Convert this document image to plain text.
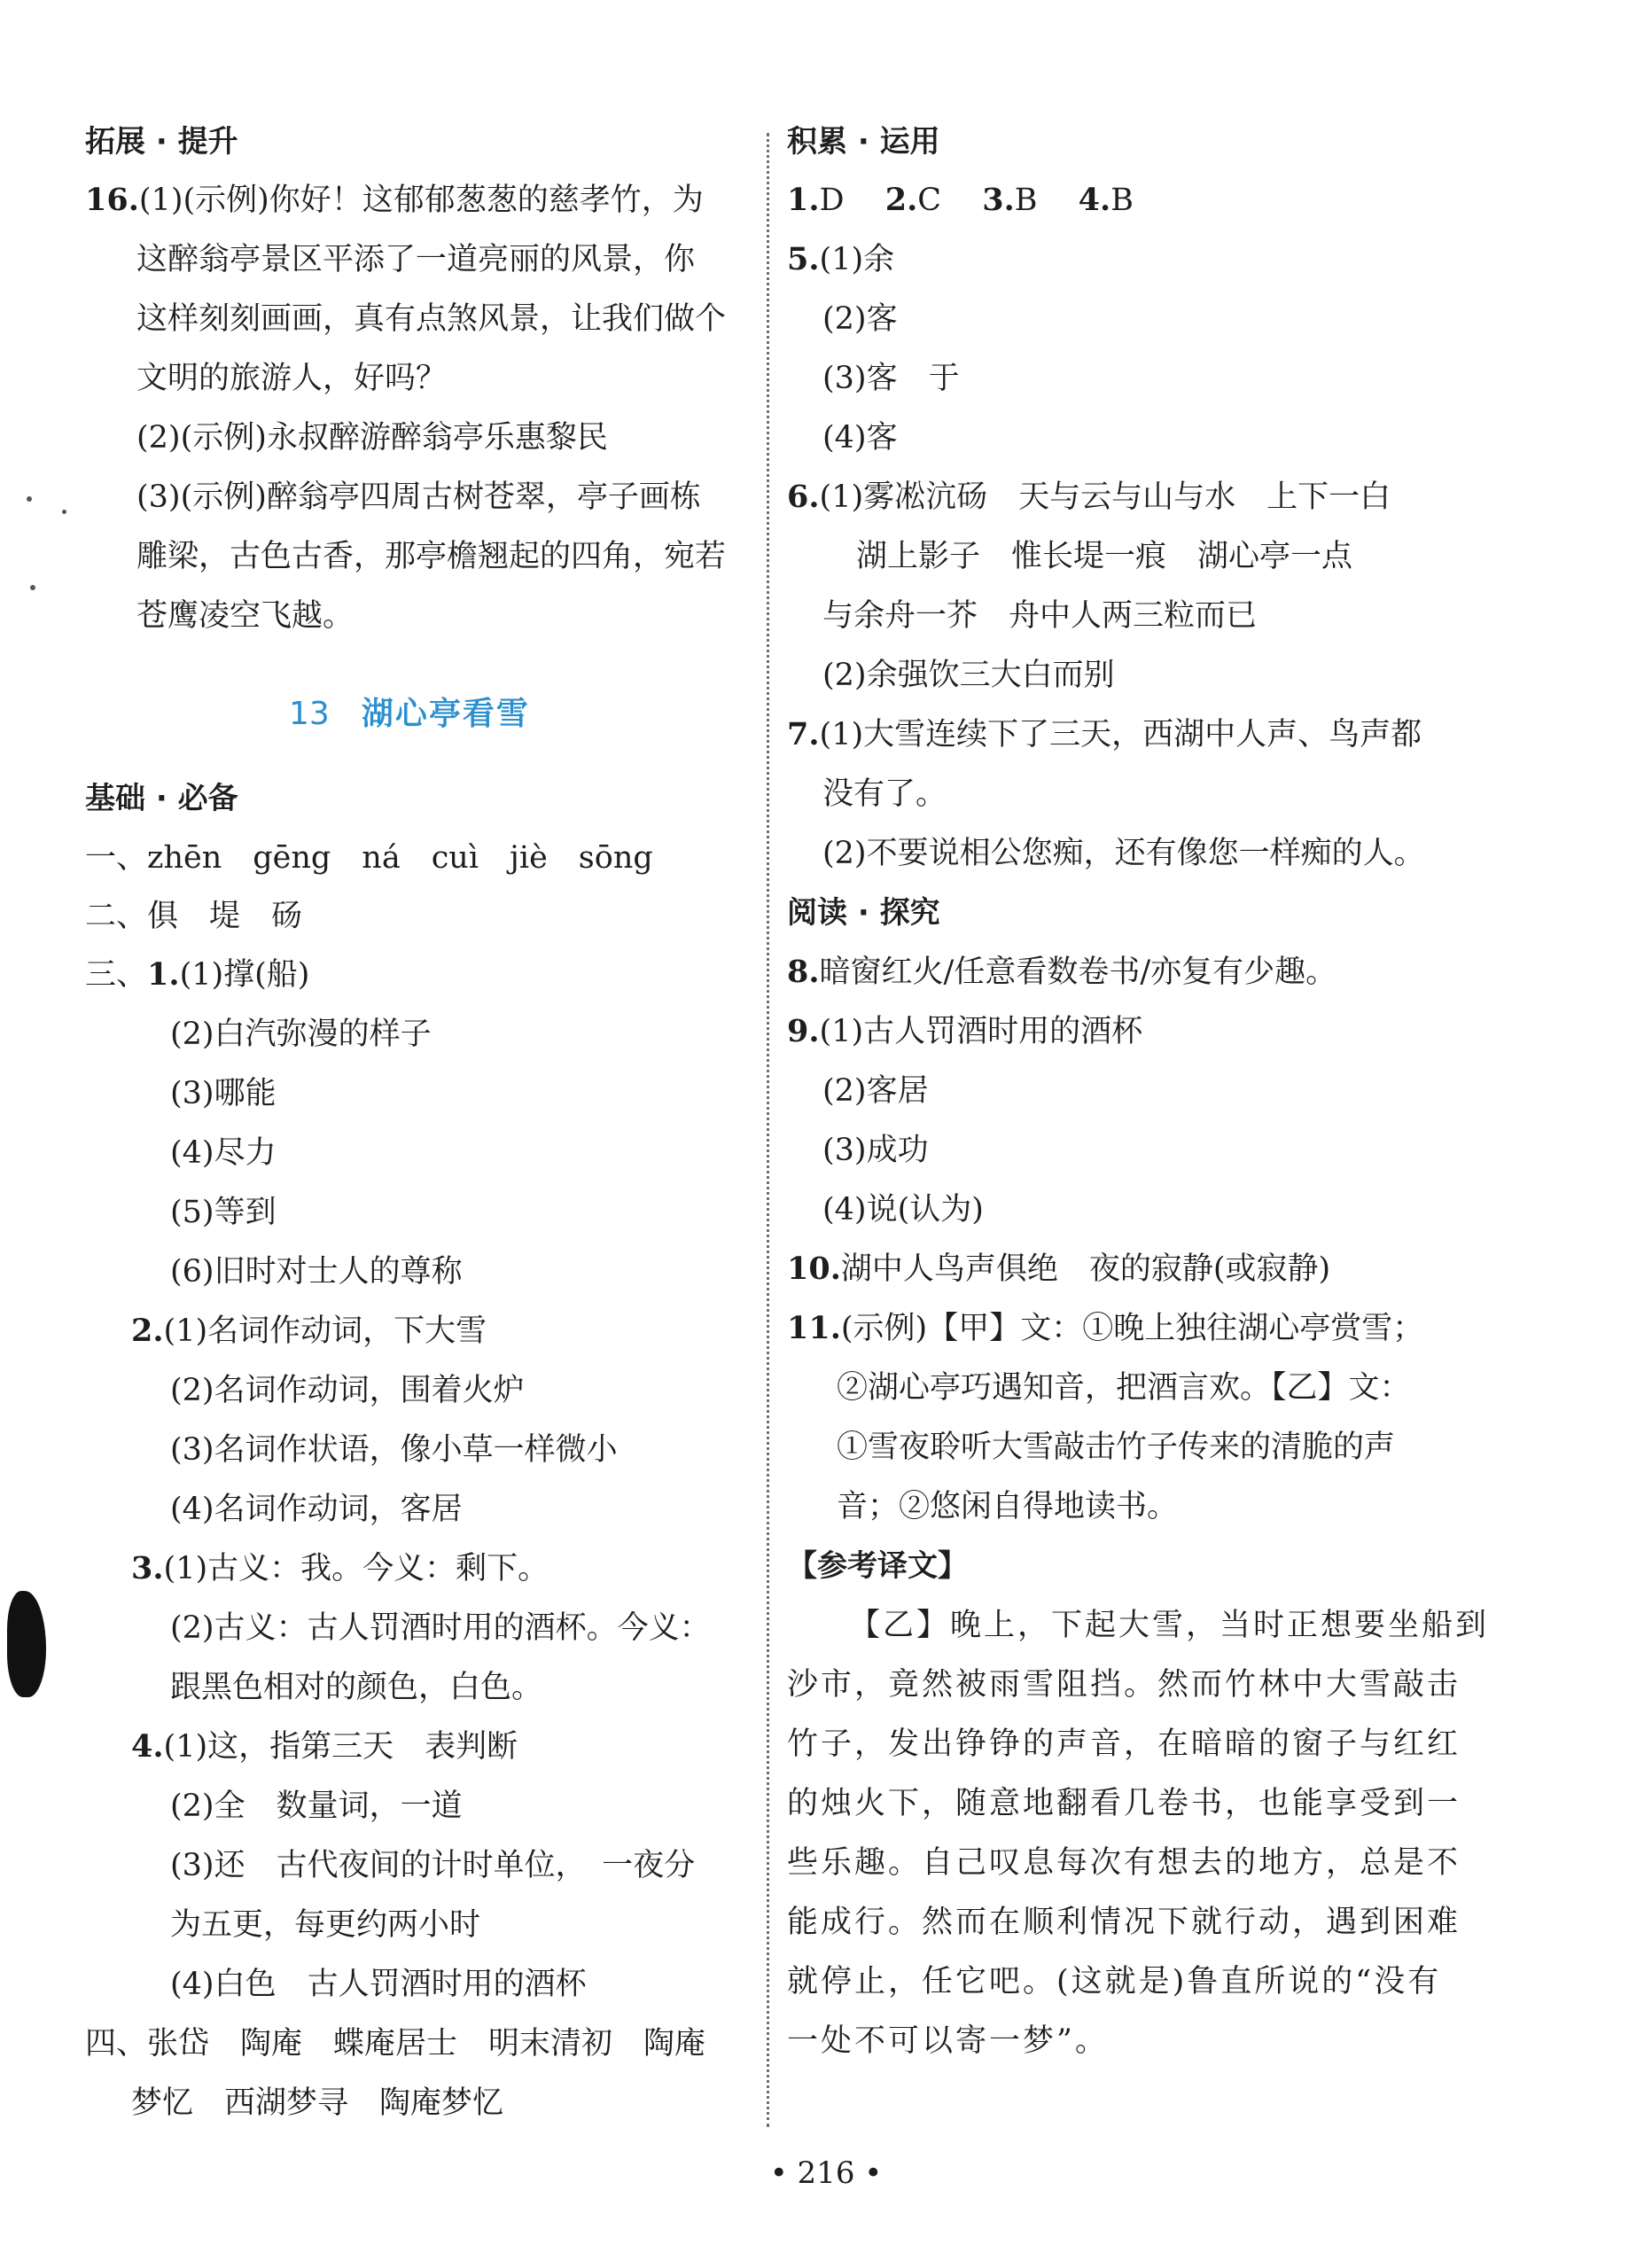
拓展 · 提升
16.(1)(示例)你好！这郁郁葱葱的慈孝竹，为
这醉翁亭景区平添了一道亮丽的风景，你
这样刻刻画画，真有点煞风景，让我们做个
文明的旅游人，好吗？
(2)(示例)永叔醉游醉翁亭乐惠黎民
(3)(示例)醉翁亭四周古树苍翠，亭子画栋
雕梁，古色古香，那亭檐翘起的四角，宛若
苍鹰凌空飞越。
13 湖心亭看雪
基础 · 必备
一、zhēn　gēng　ná　cuì　jiè　sōng
二、俱　堤　砀
三、1.(1)撑(船)
(2)白汽弥漫的样子
(3)哪能
(4)尽力
(5)等到
(6)旧时对士人的尊称
2.(1)名词作动词，下大雪
(2)名词作动词，围着火炉
(3)名词作状语，像小草一样微小
(4)名词作动词，客居
3.(1)古义：我。今义：剩下。
(2)古义：古人罚酒时用的酒杯。今义：
跟黑色相对的颜色，白色。
4.(1)这，指第三天　表判断
(2)全　数量词，一道
(3)还　古代夜间的计时单位，　一夜分
为五更，每更约两小时
(4)白色　古人罚酒时用的酒杯
四、张岱　陶庵　蝶庵居士　明末清初　陶庵
梦忆　西湖梦寻　陶庵梦忆
积累 · 运用
1.D　 2.C　 3.B　 4.B
5.(1)余
(2)客
(3)客　于
(4)客
6.(1)雾凇沆砀　天与云与山与水　上下一白
湖上影子　惟长堤一痕　湖心亭一点
与余舟一芥　舟中人两三粒而已
(2)余强饮三大白而别
7.(1)大雪连续下了三天，西湖中人声、鸟声都
没有了。
(2)不要说相公您痴，还有像您一样痴的人。
阅读 · 探究
8.暗窗红火/任意看数卷书/亦复有少趣。
9.(1)古人罚酒时用的酒杯
(2)客居
(3)成功
(4)说(认为)
10.湖中人鸟声俱绝　夜的寂静(或寂静)
11.(示例)【甲】文：①晚上独往湖心亭赏雪；
②湖心亭巧遇知音，把酒言欢。【乙】文：
①雪夜聆听大雪敲击竹子传来的清脆的声
音；②悠闲自得地读书。
【参考译文】
【乙】晚上，下起大雪，当时正想要坐船到
沙市，竟然被雨雪阻挡。然而竹林中大雪敲击
竹子，发出铮铮的声音，在暗暗的窗子与红红
的烛火下，随意地翻看几卷书，也能享受到一
些乐趣。自己叹息每次有想去的地方，总是不
能成行。然而在顺利情况下就行动，遇到困难
就停止，任它吧。(这就是)鲁直所说的“没有
一处不可以寄一梦”。
• 216 •
